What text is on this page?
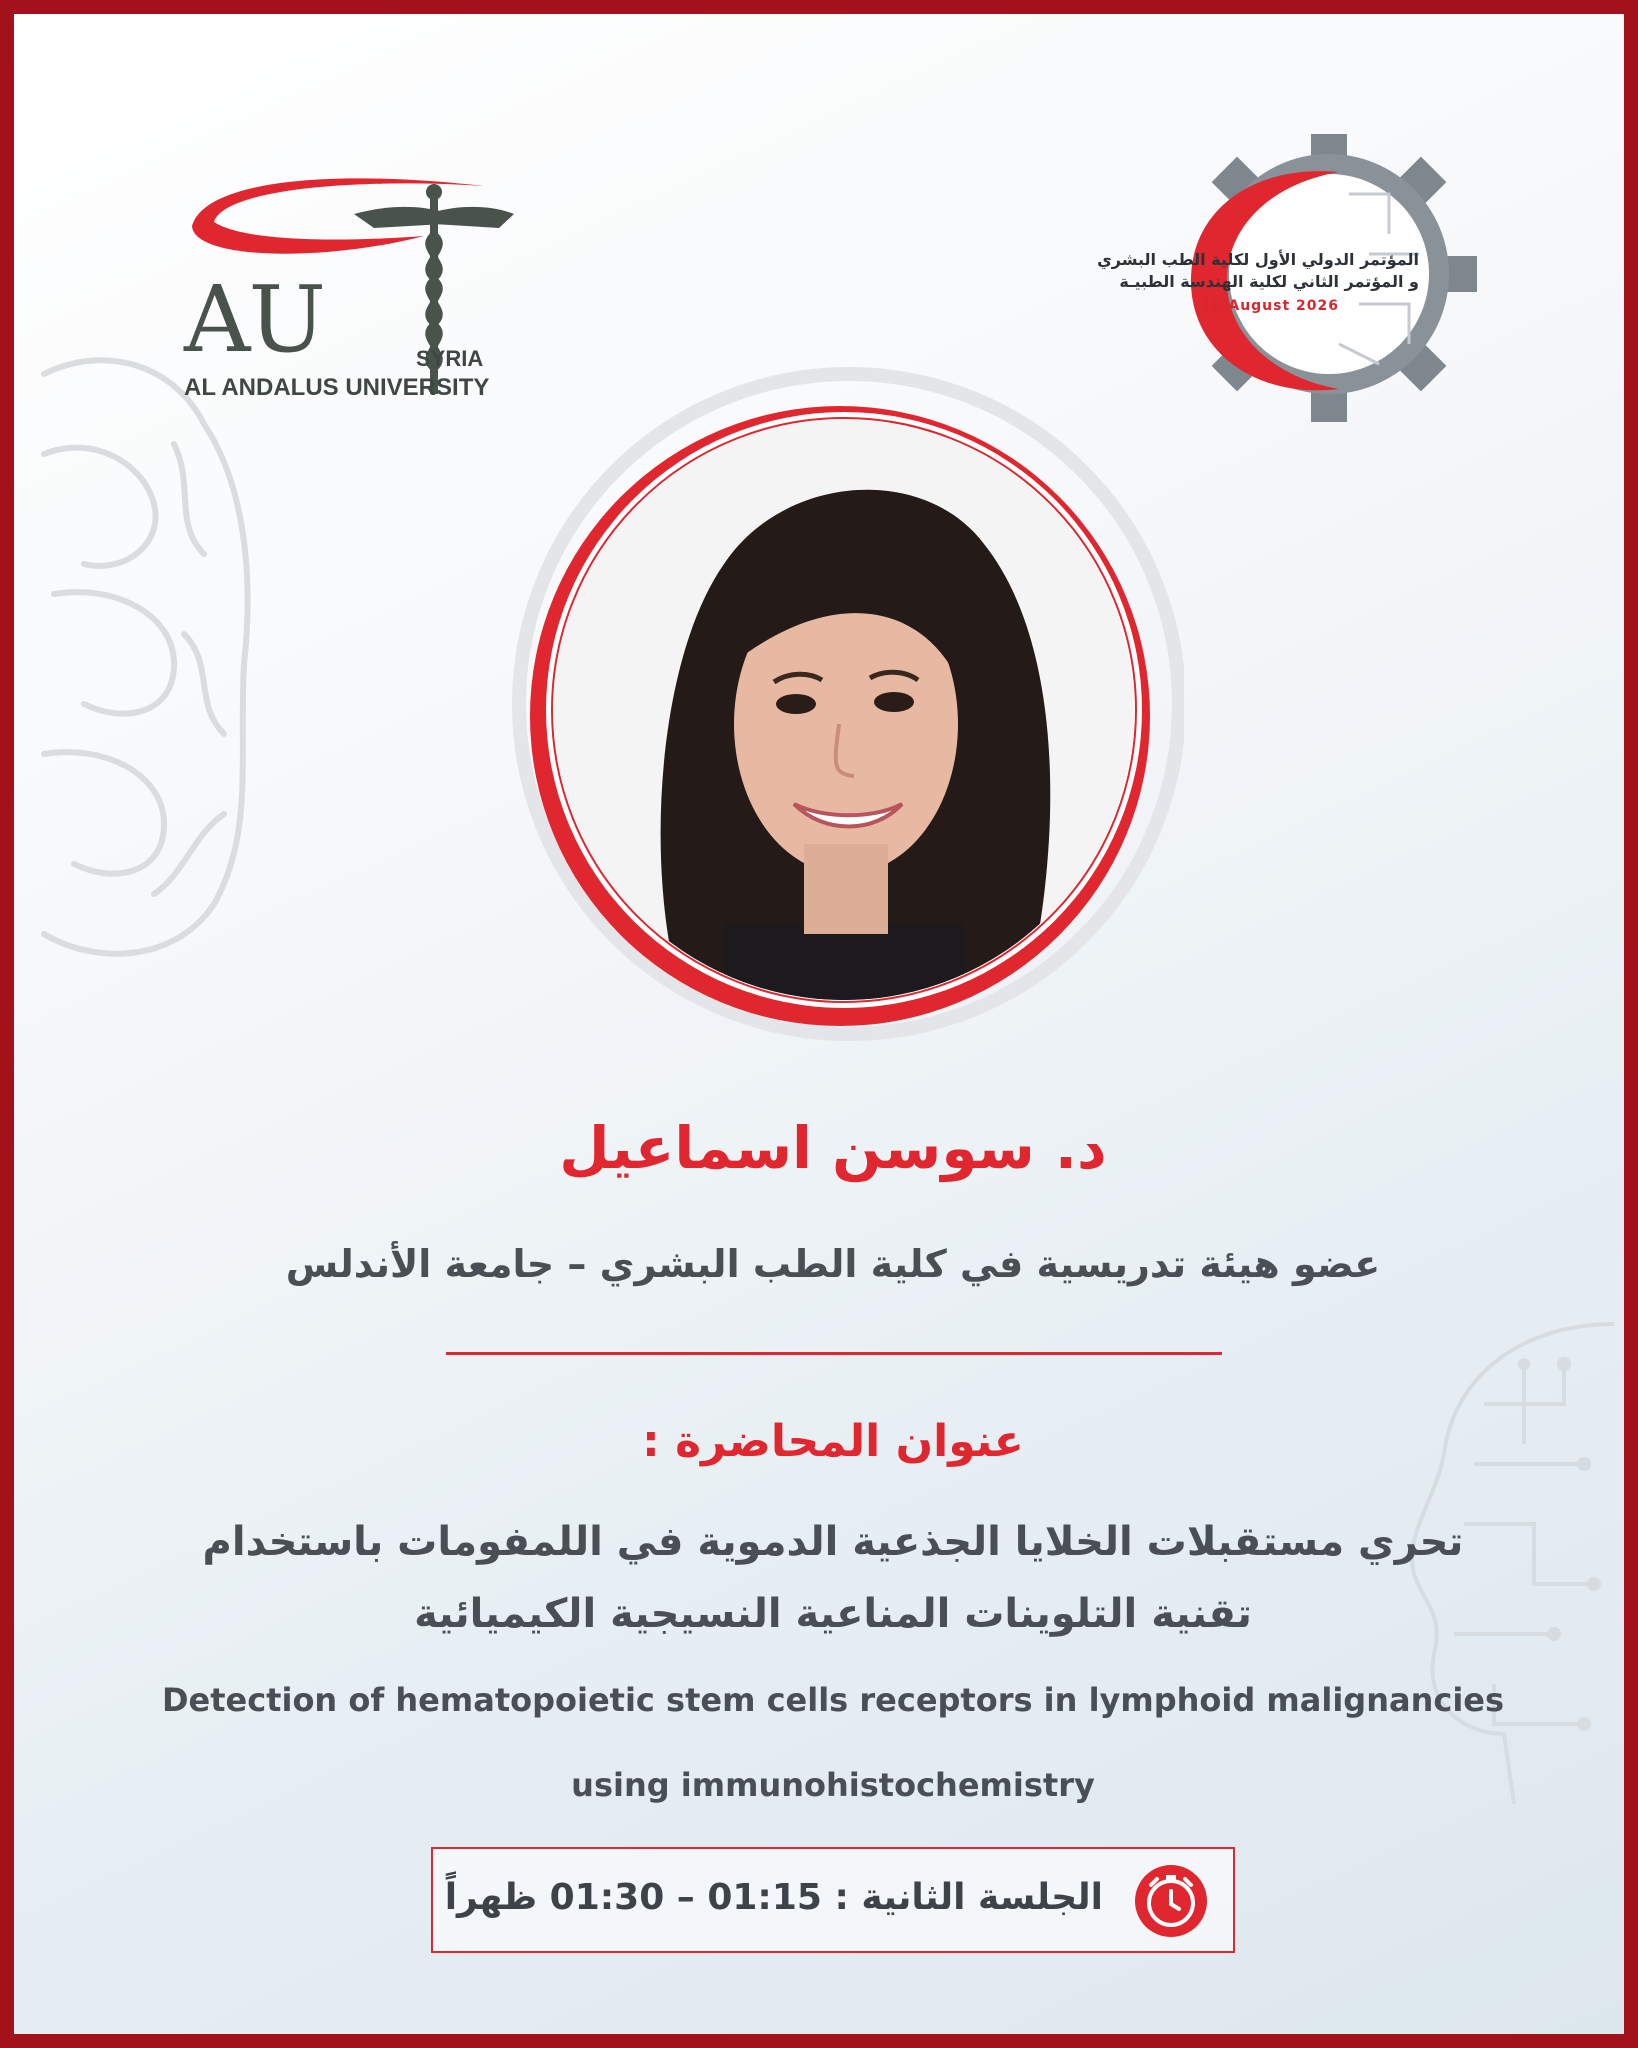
AU	SYRIA
AL ANDALUS UNIVERSITY
المؤتمر الدولي الأول لكلية الطب البشري
و المؤتمر الثاني لكلية الهندسة الطبيـة
10 August 2026
د. سوسن اسماعيل
عضو هيئة تدريسية في كلية الطب البشري – جامعة الأندلس
عنوان المحاضرة :
تحري مستقبلات الخلايا الجذعية الدموية في اللمفومات باستخدام
تقنية التلوينات المناعية النسيجية الكيميائية
Detection of hematopoietic stem cells receptors in lymphoid malignancies
using immunohistochemistry
الجلسة الثانية : 01:15 – 01:30 ظهراً
